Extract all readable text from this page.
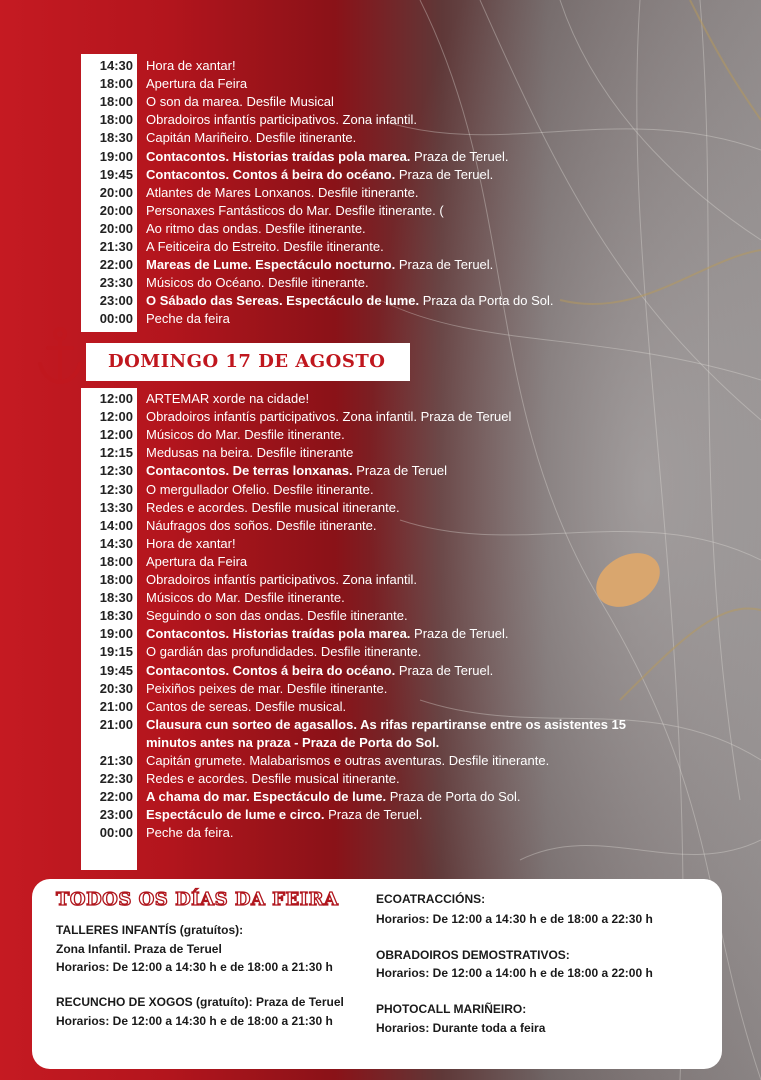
14:30 Hora de xantar!
18:00 Apertura da Feira
18:00 O son da marea. Desfile Musical
18:00 Obradoiros infantís participativos. Zona infantil.
18:30 Capitán Mariñeiro. Desfile itinerante.
19:00 Contacontos. Historias traídas pola marea. Praza de Teruel.
19:45 Contacontos. Contos á beira do océano. Praza de Teruel.
20:00 Atlantes de Mares Lonxanos. Desfile itinerante.
20:00 Personaxes Fantásticos do Mar. Desfile itinerante. (
20:00 Ao ritmo das ondas. Desfile itinerante.
21:30 A Feiticeira do Estreito. Desfile itinerante.
22:00 Mareas de Lume. Espectáculo nocturno. Praza de Teruel.
23:30 Músicos do Océano. Desfile itinerante.
23:00 O Sábado das Sereas. Espectáculo de lume. Praza da Porta do Sol.
00:00 Peche da feira
DOMINGO 17 DE AGOSTO
12:00 ARTEMAR xorde na cidade!
12:00 Obradoiros infantís participativos. Zona infantil. Praza de Teruel
12:00 Músicos do Mar. Desfile itinerante.
12:15 Medusas na beira. Desfile itinerante
12:30 Contacontos. De terras lonxanas. Praza de Teruel
12:30 O mergullador Ofelio. Desfile itinerante.
13:30 Redes e acordes. Desfile musical itinerante.
14:00 Náufragos dos soños. Desfile itinerante.
14:30 Hora de xantar!
18:00 Apertura da Feira
18:00 Obradoiros infantís participativos. Zona infantil.
18:30 Músicos do Mar. Desfile itinerante.
18:30 Seguindo o son das ondas. Desfile itinerante.
19:00 Contacontos. Historias traídas pola marea. Praza de Teruel.
19:15 O gardián das profundidades. Desfile itinerante.
19:45 Contacontos. Contos á beira do océano. Praza de Teruel.
20:30 Peixiños peixes de mar. Desfile itinerante.
21:00 Cantos de sereas. Desfile musical.
21:00 Clausura cun sorteo de agasallos. As rifas repartiranse entre os asistentes 15
minutos antes na praza - Praza de Porta do Sol.
21:30 Capitán grumete. Malabarismos e outras aventuras. Desfile itinerante.
22:30 Redes e acordes. Desfile musical itinerante.
22:00 A chama do mar. Espectáculo de lume. Praza de Porta do Sol.
23:00 Espectáculo de lume e circo. Praza de Teruel.
00:00 Peche da feira.
TODOS OS DÍAS DA FEIRA
TALLERES INFANTÍS (gratuítos):
Zona Infantil. Praza de Teruel
Horarios: De 12:00 a 14:30 h e de 18:00 a 21:30 h
RECUNCHO DE XOGOS (gratuíto): Praza de Teruel
Horarios: De 12:00 a 14:30 h e de 18:00 a 21:30 h
ECOATRACCIÓNS:
Horarios: De 12:00 a 14:30 h e de 18:00 a 22:30 h
OBRADOIROS DEMOSTRATIVOS:
Horarios: De 12:00 a 14:00 h e de 18:00 a 22:00 h
PHOTOCALL MARIÑEIRO:
Horarios: Durante toda a feira
